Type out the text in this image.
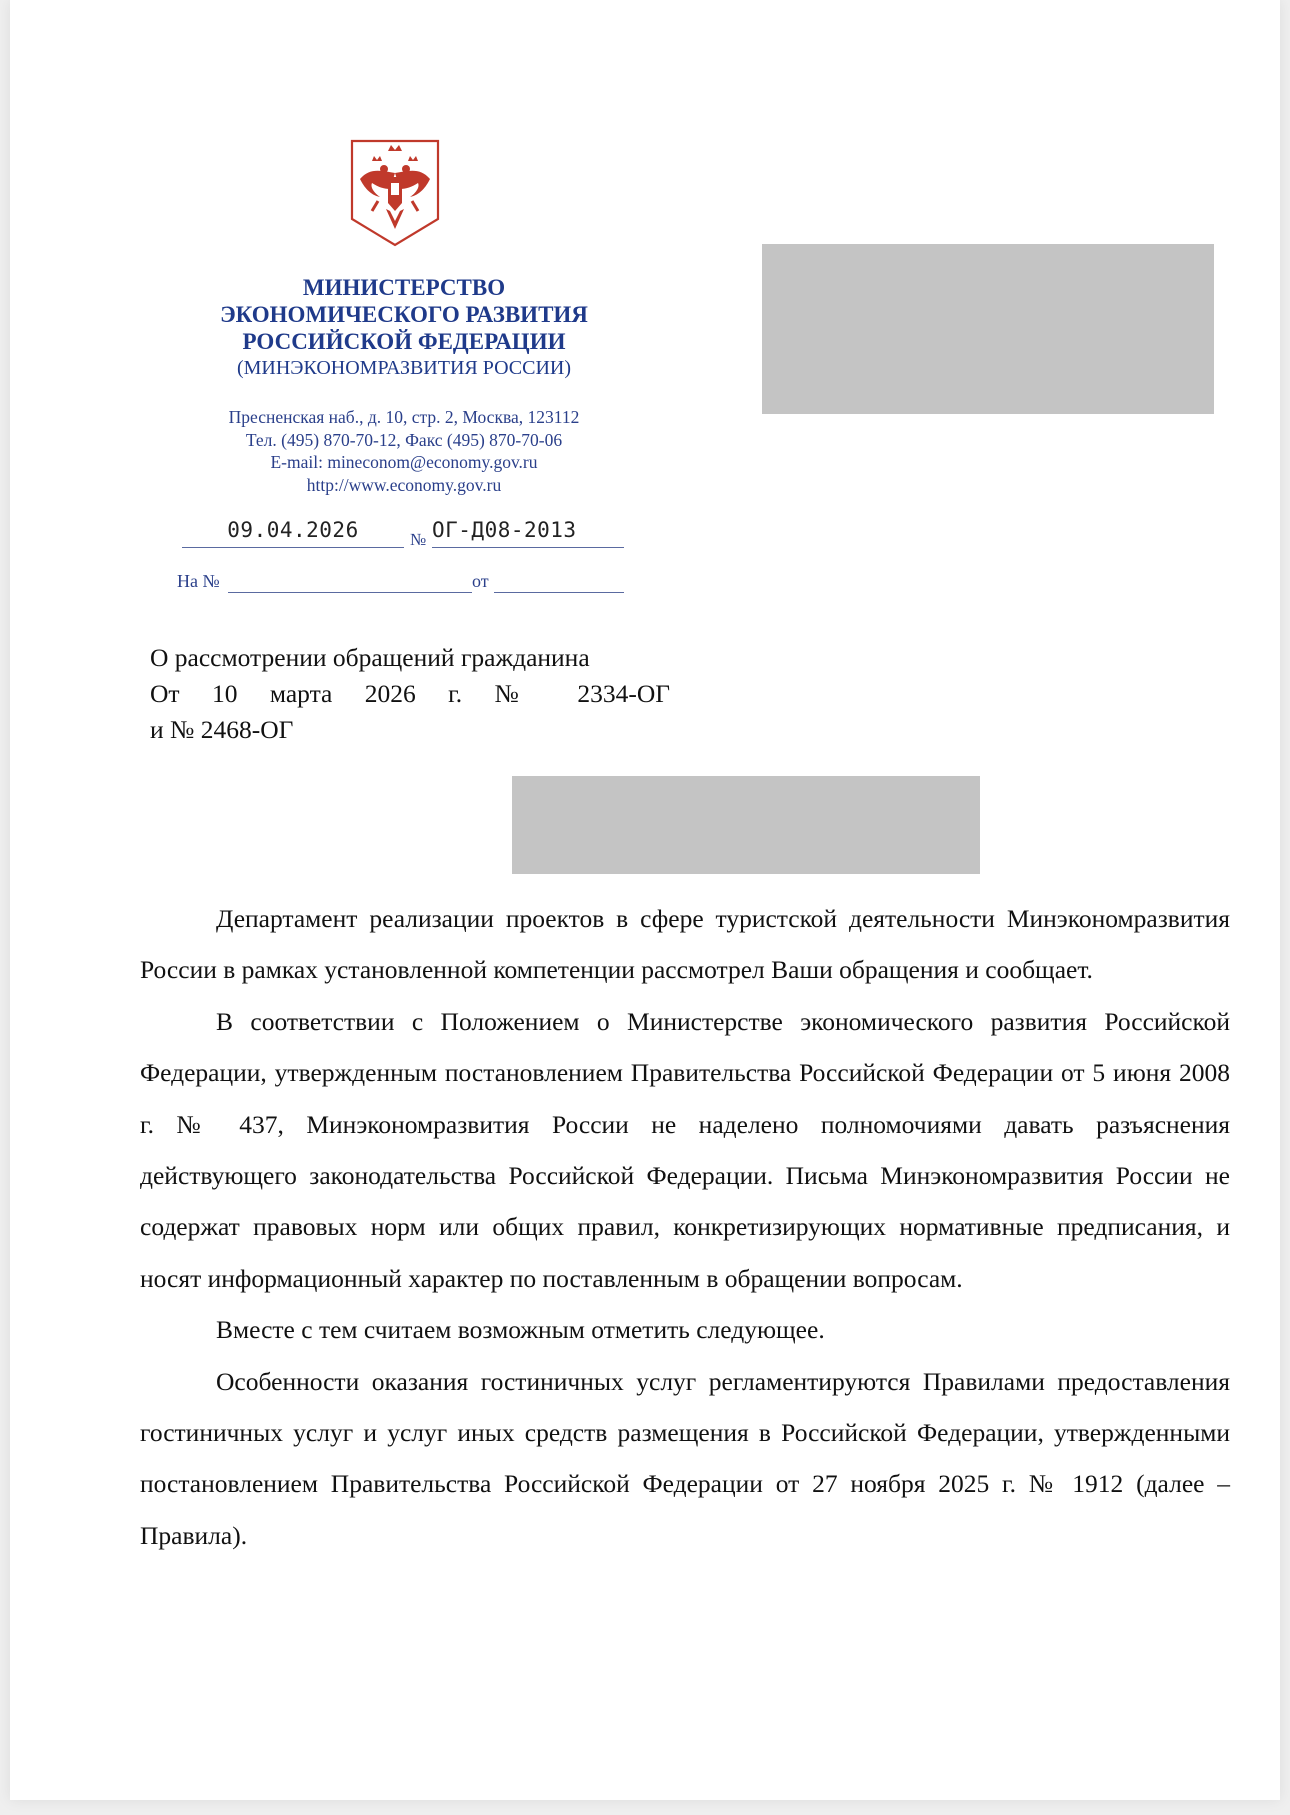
МИНИСТЕРСТВО
ЭКОНОМИЧЕСКОГО РАЗВИТИЯ
РОССИЙСКОЙ ФЕДЕРАЦИИ
(МИНЭКОНОМРАЗВИТИЯ РОССИИ)
Пресненская наб., д. 10, стр. 2, Москва, 123112
Тел. (495) 870-70-12, Факс (495) 870-70-06
E-mail: mineconom@economy.gov.ru
http://www.economy.gov.ru
09.04.2026	№ ОГ-Д08-2013
На №	от
О рассмотрении обращений гражданина
От 10 марта 2026 г. № 2334-ОГ
и № 2468-ОГ

Департамент реализации проектов в сфере туристской деятельности Минэкономразвития России в рамках установленной компетенции рассмотрел Ваши обращения и сообщает.

В соответствии с Положением о Министерстве экономического развития Российской Федерации, утвержденным постановлением Правительства Российской Федерации от 5 июня 2008 г. № 437, Минэкономразвития России не наделено полномочиями давать разъяснения действующего законодательства Российской Федерации. Письма Минэкономразвития России не содержат правовых норм или общих правил, конкретизирующих нормативные предписания, и носят информационный характер по поставленным в обращении вопросам.

Вместе с тем считаем возможным отметить следующее.

Особенности оказания гостиничных услуг регламентируются Правилами предоставления гостиничных услуг и услуг иных средств размещения в Российской Федерации, утвержденными постановлением Правительства Российской Федерации от 27 ноября 2025 г. № 1912 (далее – Правила).
